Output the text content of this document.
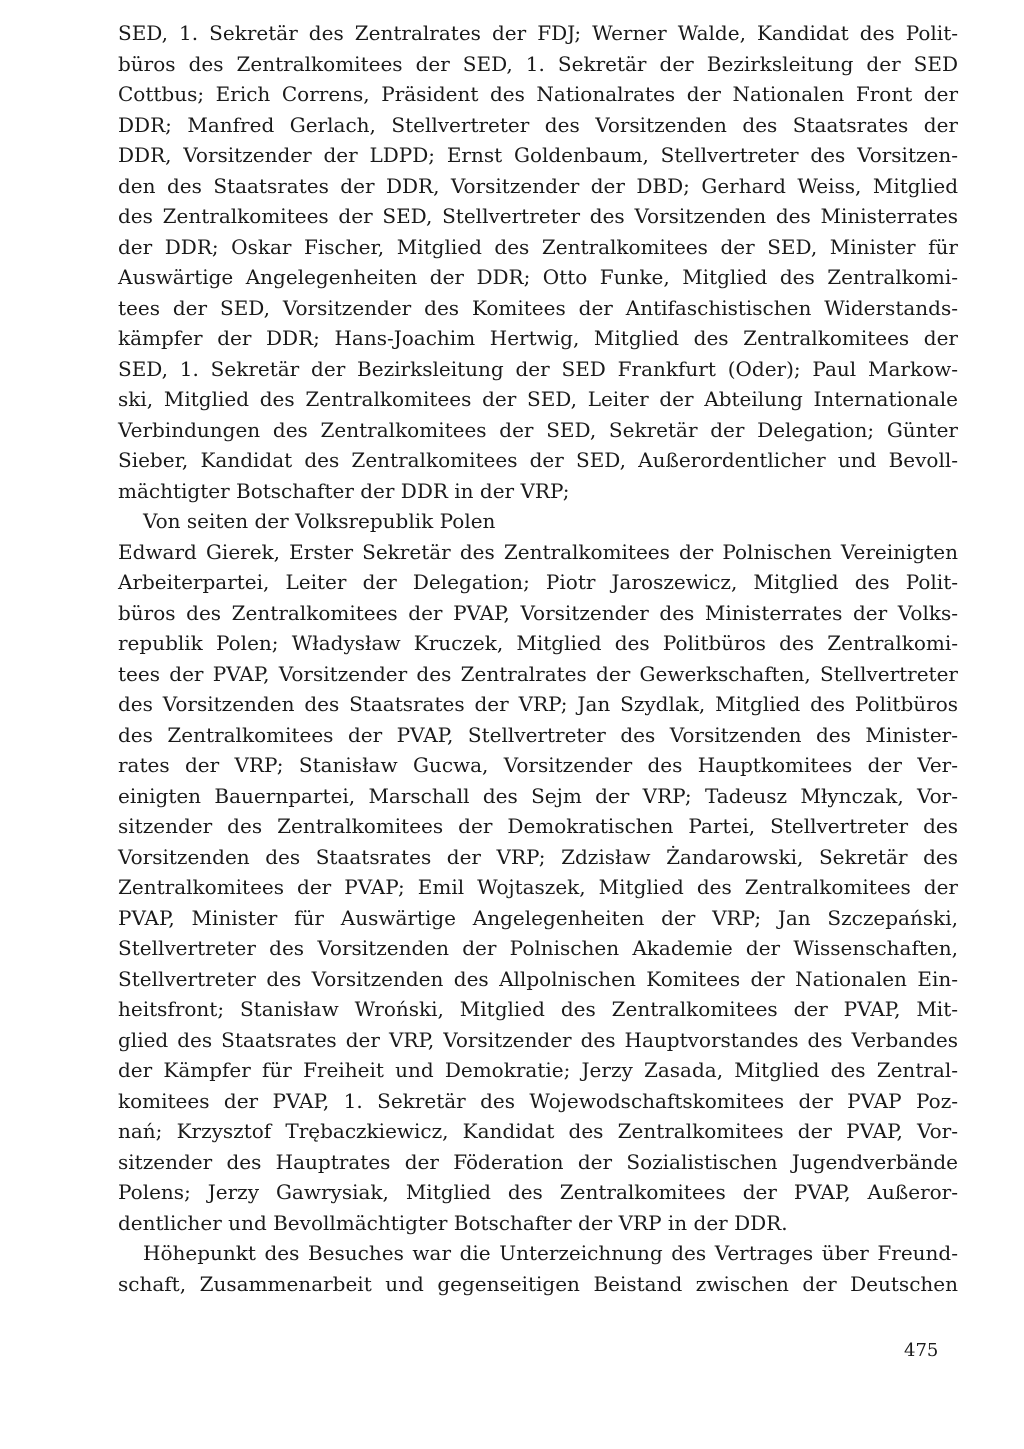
SED, 1. Sekretär des Zentralrates der FDJ; Werner Walde, Kandidat des Polit-
büros des Zentralkomitees der SED, 1. Sekretär der Bezirksleitung der SED
Cottbus; Erich Correns, Präsident des Nationalrates der Nationalen Front der
DDR; Manfred Gerlach, Stellvertreter des Vorsitzenden des Staatsrates der
DDR, Vorsitzender der LDPD; Ernst Goldenbaum, Stellvertreter des Vorsitzen-
den des Staatsrates der DDR, Vorsitzender der DBD; Gerhard Weiss, Mitglied
des Zentralkomitees der SED, Stellvertreter des Vorsitzenden des Ministerrates
der DDR; Oskar Fischer, Mitglied des Zentralkomitees der SED, Minister für
Auswärtige Angelegenheiten der DDR; Otto Funke, Mitglied des Zentralkomi-
tees der SED, Vorsitzender des Komitees der Antifaschistischen Widerstands-
kämpfer der DDR; Hans-Joachim Hertwig, Mitglied des Zentralkomitees der
SED, 1. Sekretär der Bezirksleitung der SED Frankfurt (Oder); Paul Markow-
ski, Mitglied des Zentralkomitees der SED, Leiter der Abteilung Internationale
Verbindungen des Zentralkomitees der SED, Sekretär der Delegation; Günter
Sieber, Kandidat des Zentralkomitees der SED, Außerordentlicher und Bevoll-
mächtigter Botschafter der DDR in der VRP;
Von seiten der Volksrepublik Polen
Edward Gierek, Erster Sekretär des Zentralkomitees der Polnischen Vereinigten
Arbeiterpartei, Leiter der Delegation; Piotr Jaroszewicz, Mitglied des Polit-
büros des Zentralkomitees der PVAP, Vorsitzender des Ministerrates der Volks-
republik Polen; Władysław Kruczek, Mitglied des Politbüros des Zentralkomi-
tees der PVAP, Vorsitzender des Zentralrates der Gewerkschaften, Stellvertreter
des Vorsitzenden des Staatsrates der VRP; Jan Szydlak, Mitglied des Politbüros
des Zentralkomitees der PVAP, Stellvertreter des Vorsitzenden des Minister-
rates der VRP; Stanisław Gucwa, Vorsitzender des Hauptkomitees der Ver-
einigten Bauernpartei, Marschall des Sejm der VRP; Tadeusz Młynczak, Vor-
sitzender des Zentralkomitees der Demokratischen Partei, Stellvertreter des
Vorsitzenden des Staatsrates der VRP; Zdzisław Żandarowski, Sekretär des
Zentralkomitees der PVAP; Emil Wojtaszek, Mitglied des Zentralkomitees der
PVAP, Minister für Auswärtige Angelegenheiten der VRP; Jan Szczepański,
Stellvertreter des Vorsitzenden der Polnischen Akademie der Wissenschaften,
Stellvertreter des Vorsitzenden des Allpolnischen Komitees der Nationalen Ein-
heitsfront; Stanisław Wroński, Mitglied des Zentralkomitees der PVAP, Mit-
glied des Staatsrates der VRP, Vorsitzender des Hauptvorstandes des Verbandes
der Kämpfer für Freiheit und Demokratie; Jerzy Zasada, Mitglied des Zentral-
komitees der PVAP, 1. Sekretär des Wojewodschaftskomitees der PVAP Poz-
nań; Krzysztof Trębaczkiewicz, Kandidat des Zentralkomitees der PVAP, Vor-
sitzender des Hauptrates der Föderation der Sozialistischen Jugendverbände
Polens; Jerzy Gawrysiak, Mitglied des Zentralkomitees der PVAP, Außeror-
dentlicher und Bevollmächtigter Botschafter der VRP in der DDR.
Höhepunkt des Besuches war die Unterzeichnung des Vertrages über Freund-
schaft, Zusammenarbeit und gegenseitigen Beistand zwischen der Deutschen
475
